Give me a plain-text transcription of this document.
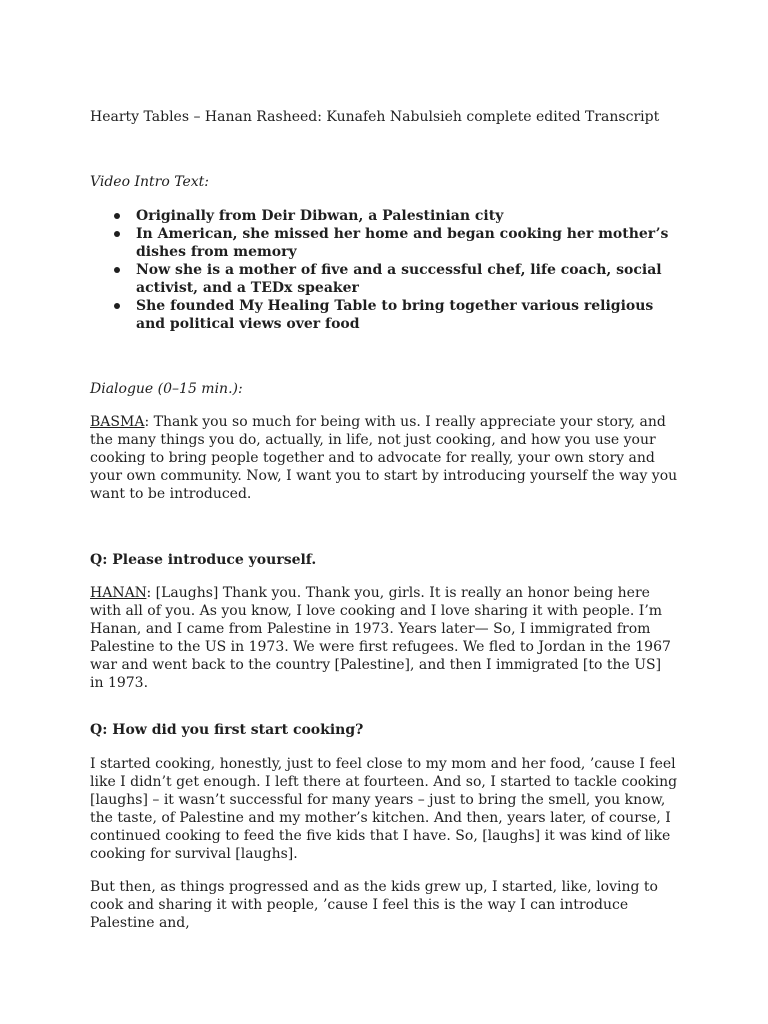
Hearty Tables – Hanan Rasheed: Kunafeh Nabulsieh complete edited Transcript

Video Intro Text:

Originally from Deir Dibwan, a Palestinian city
In American, she missed her home and began cooking her mother’s dishes from memory
Now she is a mother of five and a successful chef, life coach, social activist, and a TEDx speaker
She founded My Healing Table to bring together various religious and political views over food

Dialogue (0–15 min.):

BASMA: Thank you so much for being with us. I really appreciate your story, and the many things you do, actually, in life, not just cooking, and how you use your cooking to bring people together and to advocate for really, your own story and your own community. Now, I want you to start by introducing yourself the way you want to be introduced.

Q: Please introduce yourself.

HANAN: [Laughs] Thank you. Thank you, girls. It is really an honor being here with all of you. As you know, I love cooking and I love sharing it with people. I’m Hanan, and I came from Palestine in 1973. Years later— So, I immigrated from Palestine to the US in 1973. We were first refugees. We fled to Jordan in the 1967 war and went back to the country [Palestine], and then I immigrated [to the US] in 1973.

Q: How did you first start cooking?

I started cooking, honestly, just to feel close to my mom and her food, ’cause I feel like I didn’t get enough. I left there at fourteen. And so, I started to tackle cooking [laughs] – it wasn’t successful for many years – just to bring the smell, you know, the taste, of Palestine and my mother’s kitchen. And then, years later, of course, I continued cooking to feed the five kids that I have. So, [laughs] it was kind of like cooking for survival [laughs].

But then, as things progressed and as the kids grew up, I started, like, loving to cook and sharing it with people, ’cause I feel this is the way I can introduce Palestine and,
